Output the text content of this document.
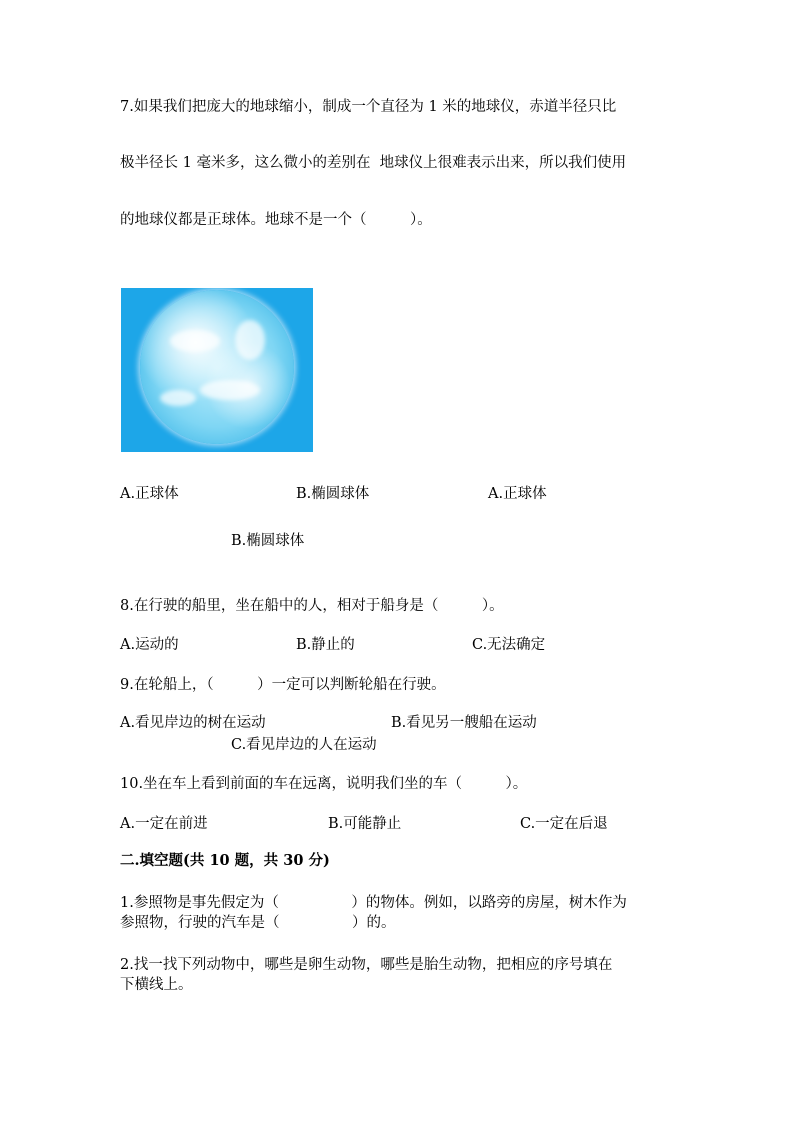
7.如果我们把庞大的地球缩小，制成一个直径为 1 米的地球仪，赤道半径只比
极半径长 1 毫米多，这么微小的差别在  地球仪上很难表示出来，所以我们使用
的地球仪都是正球体。地球不是一个（　　　）。
A.正球体	B.椭圆球体	A.正球体
B.椭圆球体
8.在行驶的船里，坐在船中的人，相对于船身是（　　　）。
A.运动的	B.静止的	C.无法确定
9.在轮船上，（　　　）一定可以判断轮船在行驶。
A.看见岸边的树在运动	B.看见另一艘船在运动
C.看见岸边的人在运动
10.坐在车上看到前面的车在远离，说明我们坐的车（　　　）。
A.一定在前进	B.可能静止	C.一定在后退
二.填空题(共 10 题，共 30 分)
1.参照物是事先假定为（　　　　　）的物体。例如，以路旁的房屋，树木作为
参照物，行驶的汽车是（　　　　　）的。
2.找一找下列动物中，哪些是卵生动物，哪些是胎生动物，把相应的序号填在
下横线上。
